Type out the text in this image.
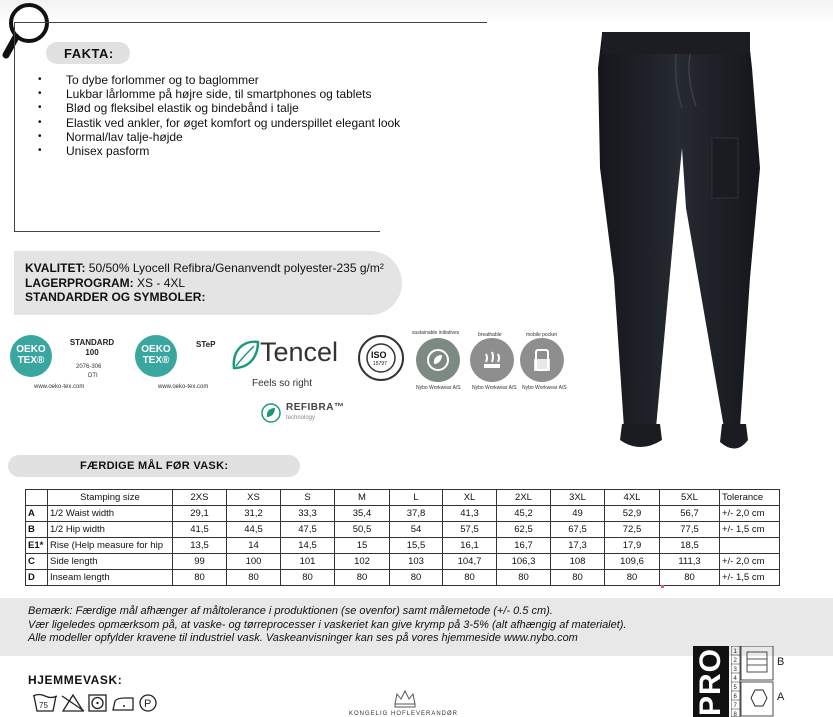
FAKTA:
• To dybe forlommer og to baglommer
• Lukbar lårlomme på højre side, til smartphones og tablets
• Blød og fleksibel elastik og bindebånd i talje
• Elastik ved ankler, for øget komfort og underspillet elegant look
• Normal/lav talje-højde
• Unisex pasform
KVALITET: 50/50% Lyocell Refibra/Genanvendt polyester-235 g/m²
LAGERPROGRAM: XS - 4XL
STANDARDER OG SYMBOLER:
OEKO TEX®
STANDARD
100
2076-306
DTI
www.oeko-tex.com
OEKO TEX®
STeP
www.oeko-tex.com
Tencel
Feels so right
REFIBRA™
technology
ISO
15797
sustainable initiatives	breathable	mobile pocket
Nybo Workwear A/S Nybo Workwear A/S Nybo Workwear A/S
FÆRDIGE MÅL FØR VASK:
	Stamping size	2XS	XS	S	M	L	XL	2XL	3XL	4XL	5XL	Tolerance
A	1/2 Waist width	29,1	31,2	33,3	35,4	37,8	41,3	45,2	49	52,9	56,7	+/- 2,0 cm
B	1/2 Hip width	41,5	44,5	47,5	50,5	54	57,5	62,5	67,5	72,5	77,5	+/- 1,5 cm
E1*	Rise (Help measure for hip	13,5	14	14,5	15	15,5	16,1	16,7	17,3	17,9	18,5	
C	Side length	99	100	101	102	103	104,7	106,3	108	109,6	111,3	+/- 2,0 cm
D	Inseam length	80	80	80	80	80	80	80	80	80	80	+/- 1,5 cm
Bemærk: Færdige mål afhænger af måltolerance i produktionen (se ovenfor) samt målemetode (+/- 0.5 cm).
Vær ligeledes opmærksom på, at vaske- og tørreprocesser i vaskeriet kan give krymp på 3-5% (alt afhængig af materialet).
Alle modeller opfylder kravene til industriel vask. Vaskeanvisninger kan ses på vores hjemmeside www.nybo.com
HJEMMEVASK:
75	P
KONGELIG HOFLEVERANDØR	PRO 1
2
3
4
5
6
7
8
B
A
